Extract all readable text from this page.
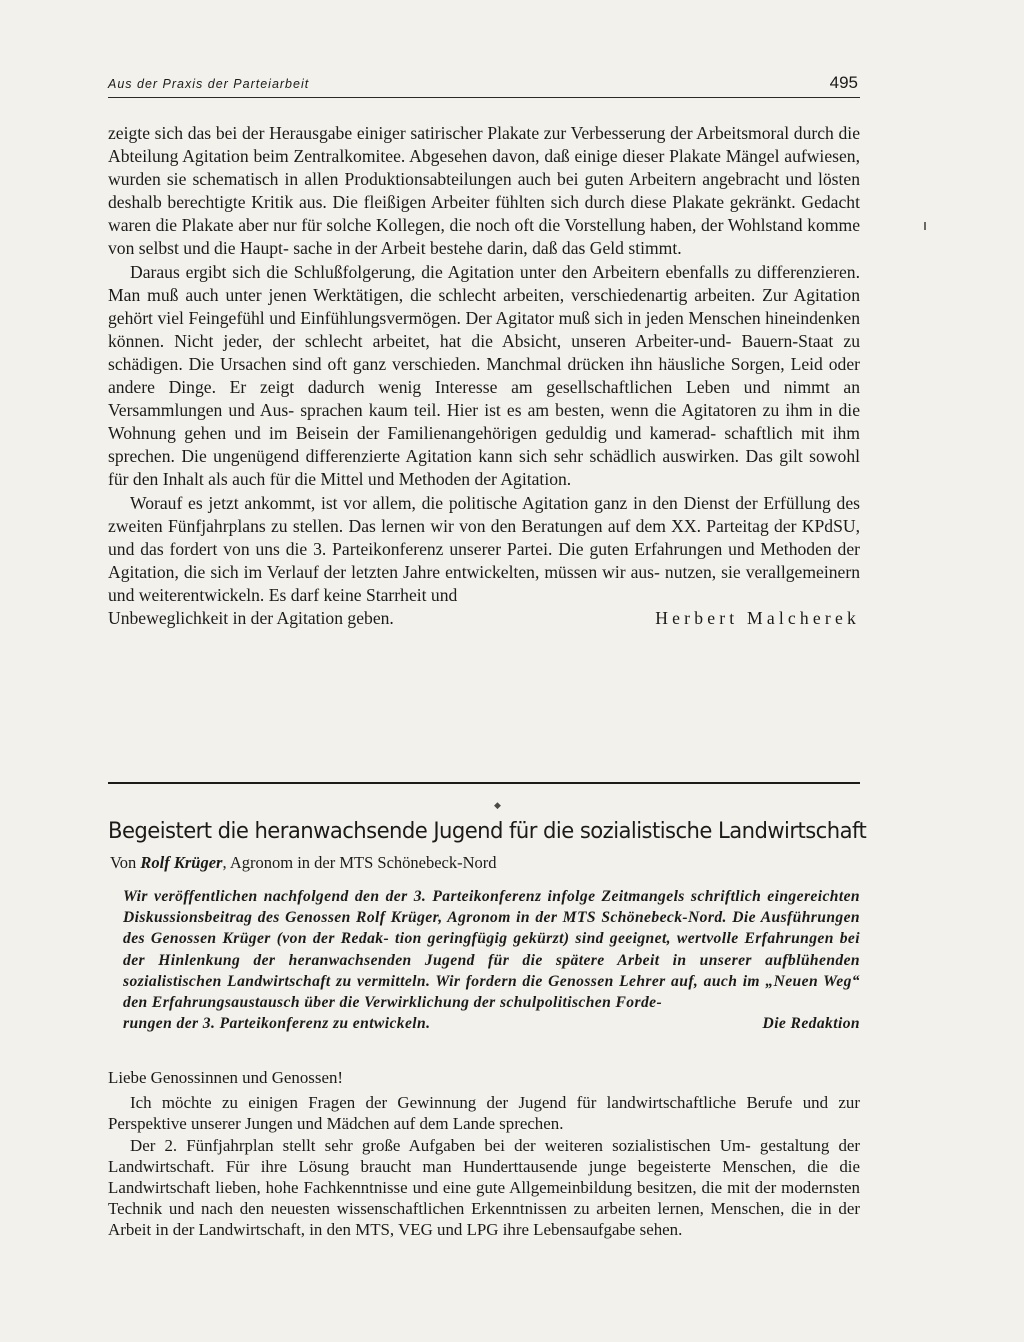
Aus der Praxis der Parteiarbeit	495

zeigte sich das bei der Herausgabe einiger satirischer Plakate zur Verbesserung der Arbeitsmoral durch die Abteilung Agitation beim Zentralkomitee. Abgesehen davon, daß einige dieser Plakate Mängel aufwiesen, wurden sie schematisch in allen Produktionsabteilungen auch bei guten Arbeitern angebracht und lösten deshalb berechtigte Kritik aus. Die fleißigen Arbeiter fühlten sich durch diese Plakate gekränkt. Gedacht waren die Plakate aber nur für solche Kollegen, die noch oft die Vorstellung haben, der Wohlstand komme von selbst und die Haupt- sache in der Arbeit bestehe darin, daß das Geld stimmt.

Daraus ergibt sich die Schlußfolgerung, die Agitation unter den Arbeitern ebenfalls zu differenzieren. Man muß auch unter jenen Werktätigen, die schlecht arbeiten, verschiedenartig arbeiten. Zur Agitation gehört viel Feingefühl und Einfühlungsvermögen. Der Agitator muß sich in jeden Menschen hineindenken können. Nicht jeder, der schlecht arbeitet, hat die Absicht, unseren Arbeiter-und- Bauern-Staat zu schädigen. Die Ursachen sind oft ganz verschieden. Manchmal drücken ihn häusliche Sorgen, Leid oder andere Dinge. Er zeigt dadurch wenig Interesse am gesellschaftlichen Leben und nimmt an Versammlungen und Aus- sprachen kaum teil. Hier ist es am besten, wenn die Agitatoren zu ihm in die Wohnung gehen und im Beisein der Familienangehörigen geduldig und kamerad- schaftlich mit ihm sprechen. Die ungenügend differenzierte Agitation kann sich sehr schädlich auswirken. Das gilt sowohl für den Inhalt als auch für die Mittel und Methoden der Agitation.

Worauf es jetzt ankommt, ist vor allem, die politische Agitation ganz in den Dienst der Erfüllung des zweiten Fünfjahrplans zu stellen. Das lernen wir von den Beratungen auf dem XX. Parteitag der KPdSU, und das fordert von uns die 3. Parteikonferenz unserer Partei. Die guten Erfahrungen und Methoden der Agitation, die sich im Verlauf der letzten Jahre entwickelten, müssen wir aus- nutzen, sie verallgemeinern und weiterentwickeln. Es darf keine Starrheit und

Unbeweglichkeit in der Agitation geben.	Herbert Malcherek
◆
Begeistert die heranwachsende Jugend für die sozialistische Landwirtschaft
Von Rolf Krüger, Agronom in der MTS Schönebeck-Nord
Wir veröffentlichen nachfolgend den der 3. Parteikonferenz infolge Zeitmangels schriftlich eingereichten Diskussionsbeitrag des Genossen Rolf Krüger, Agronom in der MTS Schönebeck-Nord. Die Ausführungen des Genossen Krüger (von der Redak- tion geringfügig gekürzt) sind geeignet, wertvolle Erfahrungen bei der Hinlenkung der heranwachsenden Jugend für die spätere Arbeit in unserer aufblühenden sozialistischen Landwirtschaft zu vermitteln. Wir fordern die Genossen Lehrer auf, auch im „Neuen Weg“ den Erfahrungsaustausch über die Verwirklichung der schulpolitischen Forde-
rungen der 3. Parteikonferenz zu entwickeln.	Die Redaktion

Liebe Genossinnen und Genossen!

Ich möchte zu einigen Fragen der Gewinnung der Jugend für landwirtschaftliche Berufe und zur Perspektive unserer Jungen und Mädchen auf dem Lande sprechen.

Der 2. Fünfjahrplan stellt sehr große Aufgaben bei der weiteren sozialistischen Um- gestaltung der Landwirtschaft. Für ihre Lösung braucht man Hunderttausende junge begeisterte Menschen, die die Landwirtschaft lieben, hohe Fachkenntnisse und eine gute Allgemeinbildung besitzen, die mit der modernsten Technik und nach den neuesten wissenschaftlichen Erkenntnissen zu arbeiten lernen, Menschen, die in der Arbeit in der Landwirtschaft, in den MTS, VEG und LPG ihre Lebensaufgabe sehen.
